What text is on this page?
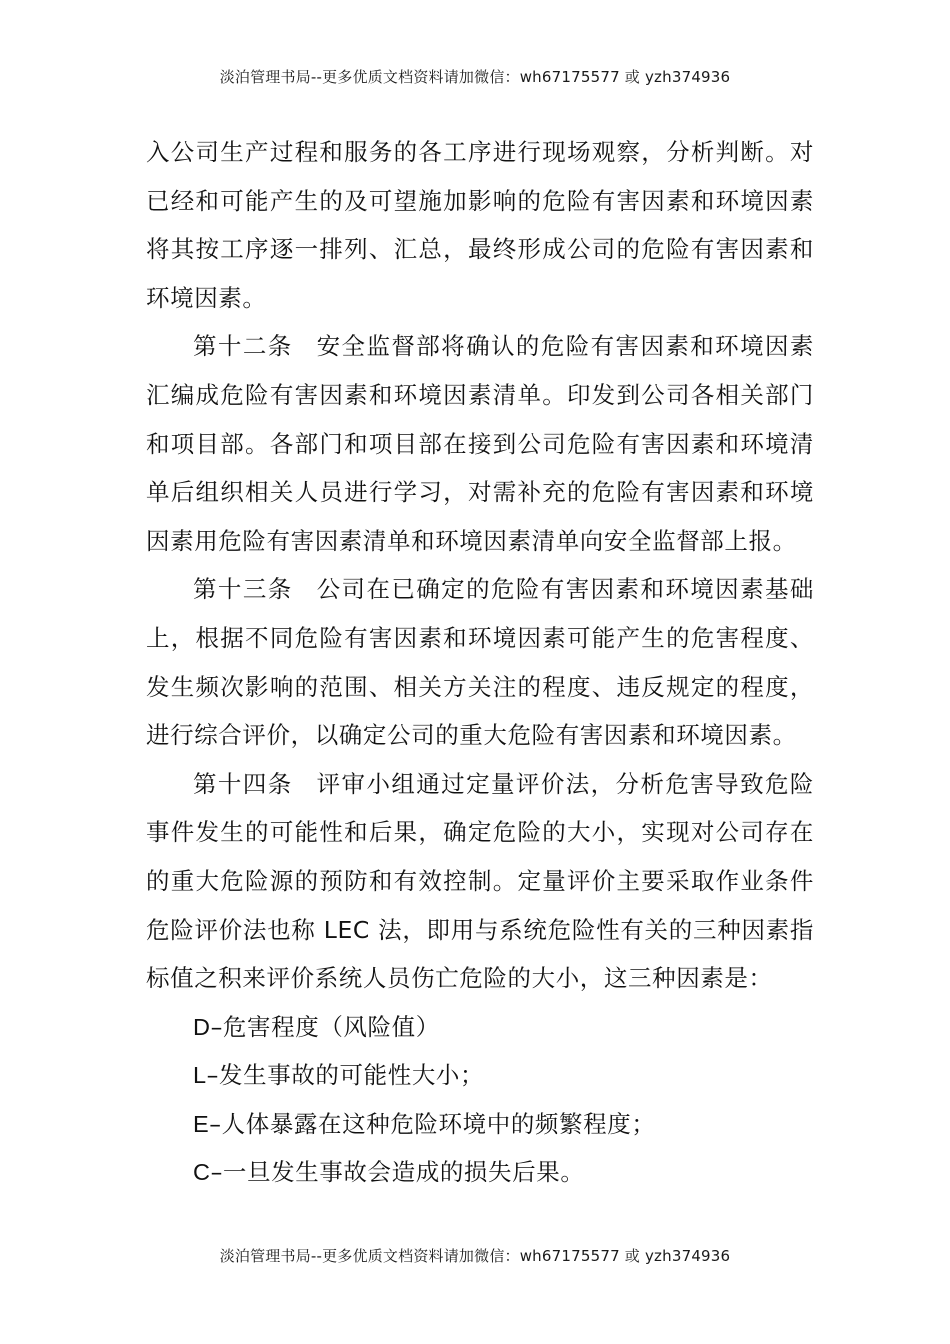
淡泊管理书局--更多优质文档资料请加微信：wh67175577 或 yzh374936

入公司生产过程和服务的各工序进行现场观察，分析判断。对已经和可能产生的及可望施加影响的危险有害因素和环境因素将其按工序逐一排列、汇总，最终形成公司的危险有害因素和环境因素。

第十二条 安全监督部将确认的危险有害因素和环境因素汇编成危险有害因素和环境因素清单。印发到公司各相关部门和项目部。各部门和项目部在接到公司危险有害因素和环境清单后组织相关人员进行学习，对需补充的危险有害因素和环境因素用危险有害因素清单和环境因素清单向安全监督部上报。

第十三条 公司在已确定的危险有害因素和环境因素基础上，根据不同危险有害因素和环境因素可能产生的危害程度、发生频次影响的范围、相关方关注的程度、违反规定的程度，进行综合评价，以确定公司的重大危险有害因素和环境因素。

第十四条 评审小组通过定量评价法，分析危害导致危险事件发生的可能性和后果，确定危险的大小，实现对公司存在的重大危险源的预防和有效控制。定量评价主要采取作业条件危险评价法也称 LEC 法，即用与系统危险性有关的三种因素指标值之积来评价系统人员伤亡危险的大小，这三种因素是：

D–危害程度（风险值）

L–发生事故的可能性大小；

E–人体暴露在这种危险环境中的频繁程度；

C–一旦发生事故会造成的损失后果。

淡泊管理书局--更多优质文档资料请加微信：wh67175577 或 yzh374936
